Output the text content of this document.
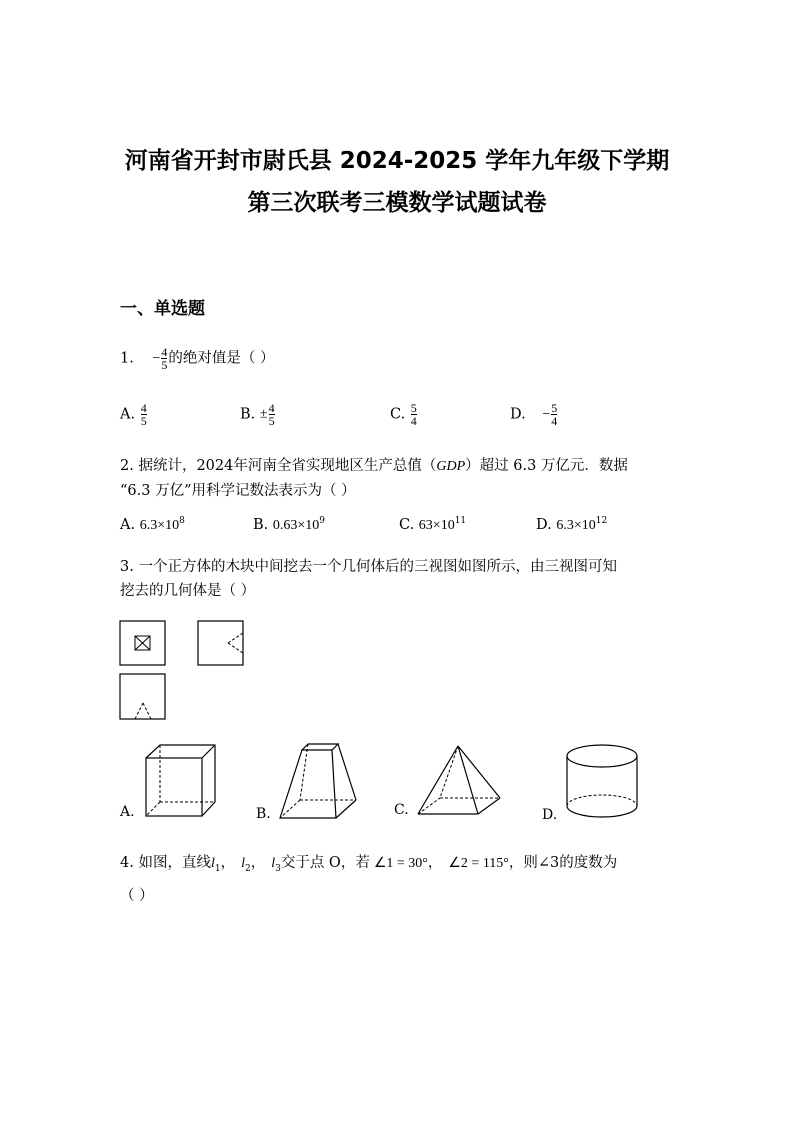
河南省开封市尉氏县 2024-2025 学年九年级下学期
第三次联考三模数学试题试卷
一、单选题
1. − $\frac{4}{5}$ 的绝对值是（ ）
A. $\frac{4}{5}$	B. ± $\frac{4}{5}$	C. $\frac{5}{4}$	D. − $\frac{5}{4}$
2. 据统计，2024年河南全省实现地区生产总值（GDP）超过 6.3 万亿元．数据
“6.3 万亿”用科学记数法表示为（ ）
A. $6.3\times 10^8$	B. $0.63\times 10^9$	C. $63\times 10^{11}$	D. $6.3\times 10^{12}$
3. 一个正方体的木块中间挖去一个几何体后的三视图如图所示，由三视图可知
挖去的几何体是（ ）
A.	B.	C.	D.
4. 如图，直线$l_1$， $l_2$， $l_3$交于点 O，若 ∠1 = 30°， ∠2 = 115°，则∠3的度数为
（ ）
